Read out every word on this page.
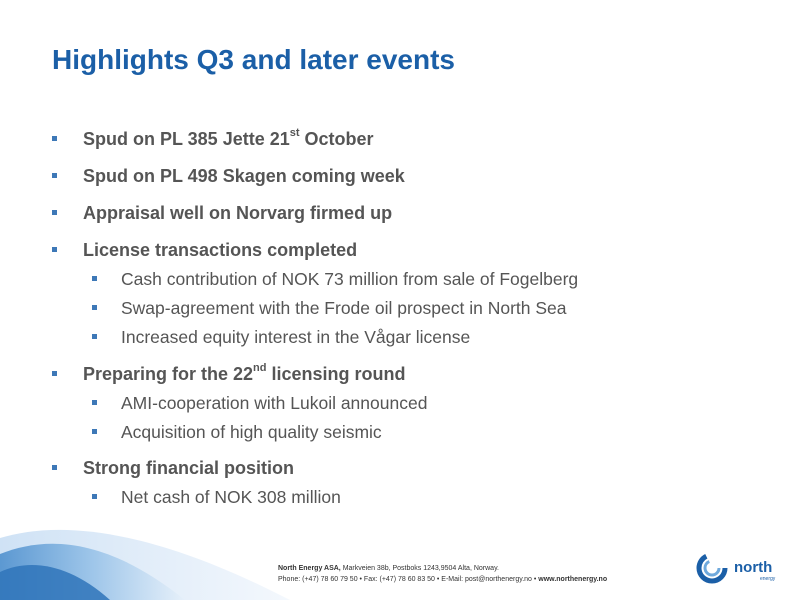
Highlights Q3 and later events
Spud on PL 385 Jette 21st October
Spud on PL 498 Skagen coming week
Appraisal well on Norvarg firmed up
License transactions completed
Cash contribution of NOK 73 million from sale of Fogelberg
Swap-agreement with the Frode oil prospect in North Sea
Increased equity interest in the Vågar license
Preparing for the 22nd licensing round
AMI-cooperation with Lukoil announced
Acquisition of high quality seismic
Strong financial position
Net cash of NOK 308 million
North Energy ASA, Markveien 38b, Postboks 1243,9504 Alta, Norway.
Phone: (+47) 78 60 79 50 • Fax: (+47) 78 60 83 50 • E-Mail: post@northenergy.no • www.northenergy.no
north
energy
